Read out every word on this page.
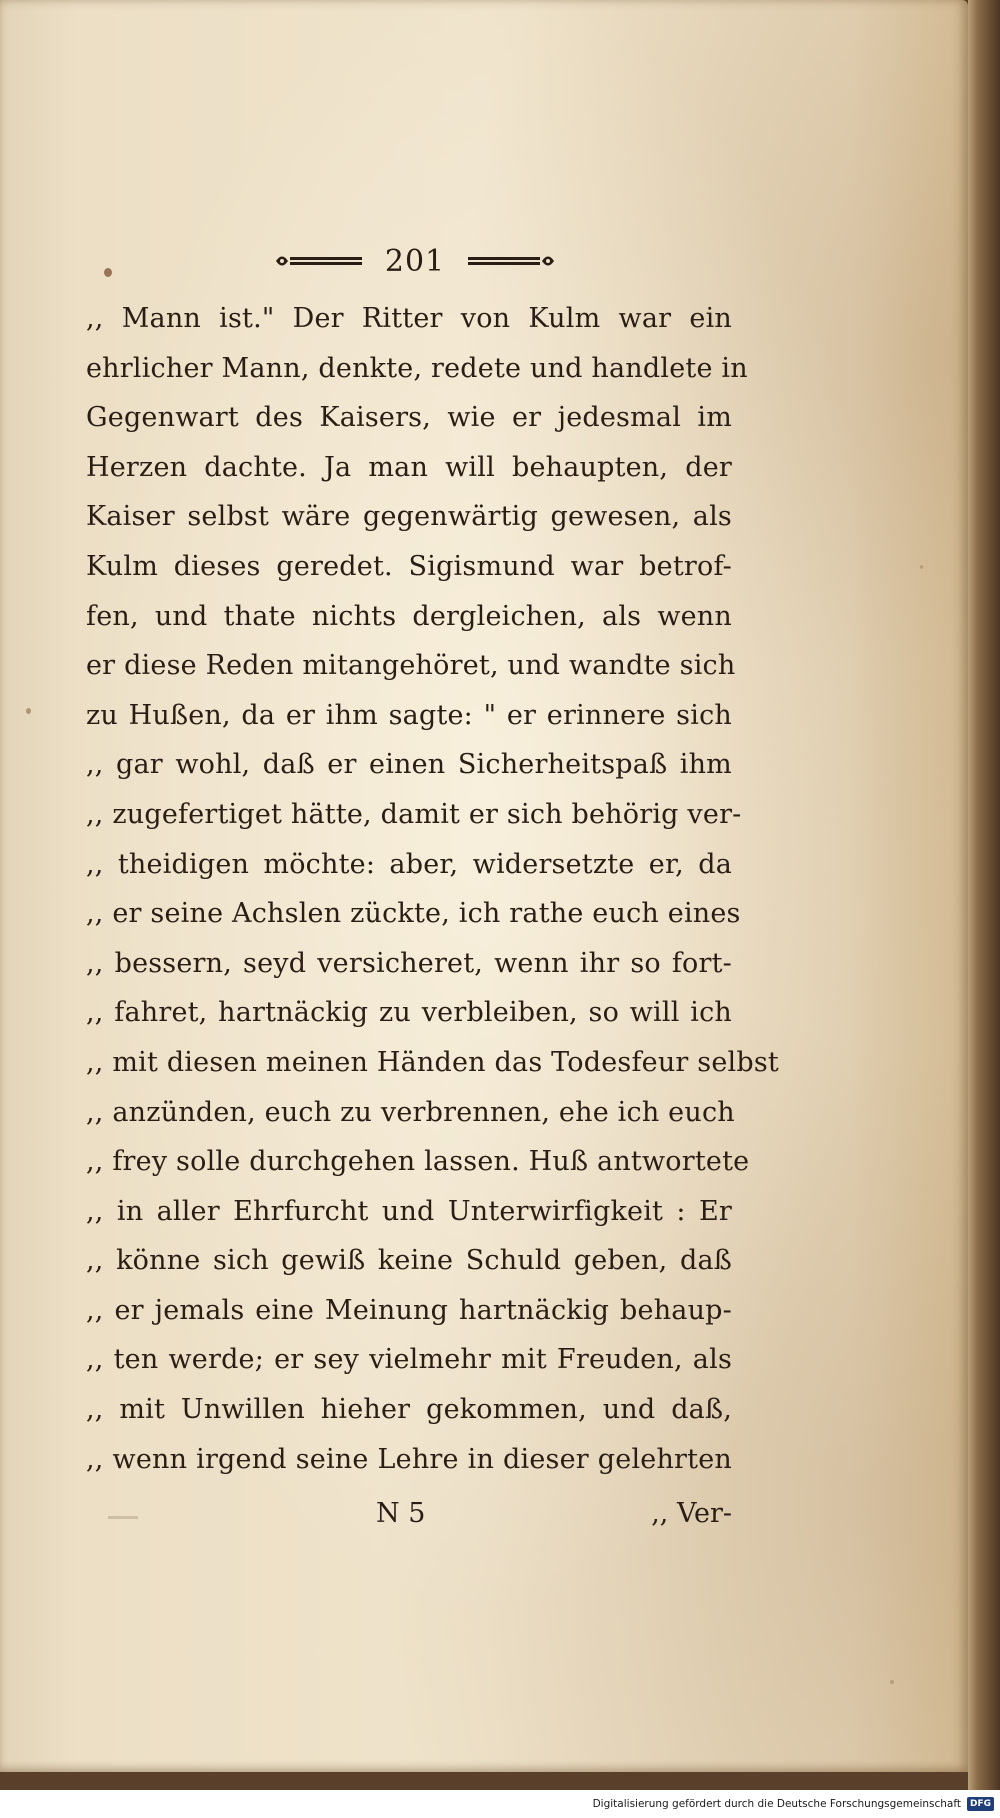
201
,, Mann ist." Der Ritter von Kulm war ein
ehrlicher Mann, denkte, redete und handlete in
Gegenwart des Kaisers, wie er jedesmal im
Herzen dachte. Ja man will behaupten, der
Kaiser selbst wäre gegenwärtig gewesen, als
Kulm dieses geredet. Sigismund war betrof-
fen, und thate nichts dergleichen, als wenn
er diese Reden mitangehöret, und wandte sich
zu Hußen, da er ihm sagte: " er erinnere sich
,, gar wohl, daß er einen Sicherheitspaß ihm
,, zugefertiget hätte, damit er sich behörig ver-
,, theidigen möchte: aber, widersetzte er, da
,, er seine Achslen zückte, ich rathe euch eines
,, bessern, seyd versicheret, wenn ihr so fort-
,, fahret, hartnäckig zu verbleiben, so will ich
,, mit diesen meinen Händen das Todesfeur selbst
,, anzünden, euch zu verbrennen, ehe ich euch
,, frey solle durchgehen lassen. Huß antwortete
,, in aller Ehrfurcht und Unterwirfigkeit : Er
,, könne sich gewiß keine Schuld geben, daß
,, er jemals eine Meinung hartnäckig behaup-
,, ten werde; er sey vielmehr mit Freuden, als
,, mit Unwillen hieher gekommen, und daß,
,, wenn irgend seine Lehre in dieser gelehrten
N 5	,, Ver-
Digitalisierung gefördert durch die Deutsche Forschungsgemeinschaft	DFG
